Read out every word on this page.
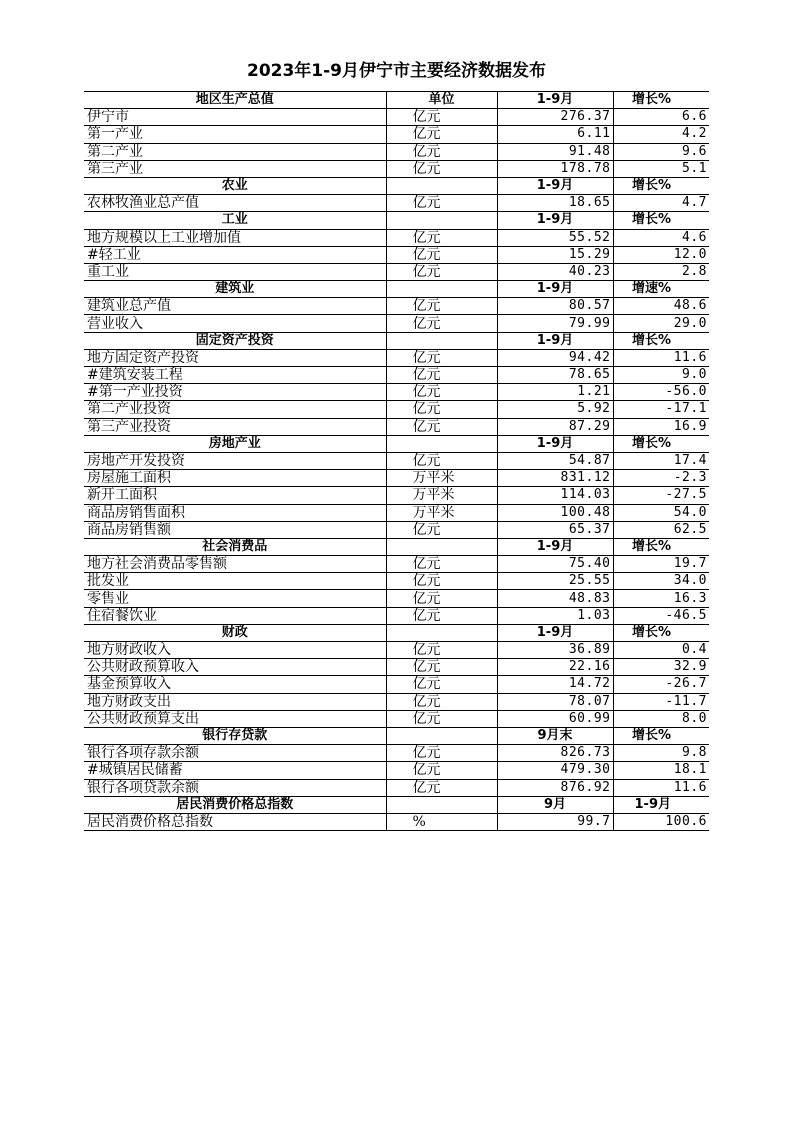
2023年1-9月伊宁市主要经济数据发布
地区生产总值	单位	1-9月	增长%
伊宁市	亿元	276.37	6.6
第一产业	亿元	6.11	4.2
第二产业	亿元	91.48	9.6
第三产业	亿元	178.78	5.1
农业		1-9月	增长%
农林牧渔业总产值	亿元	18.65	4.7
工业		1-9月	增长%
地方规模以上工业增加值	亿元	55.52	4.6
#轻工业	亿元	15.29	12.0
重工业	亿元	40.23	2.8
建筑业		1-9月	增速%
建筑业总产值	亿元	80.57	48.6
营业收入	亿元	79.99	29.0
固定资产投资		1-9月	增长%
地方固定资产投资	亿元	94.42	11.6
#建筑安装工程	亿元	78.65	9.0
#第一产业投资	亿元	1.21	-56.0
第二产业投资	亿元	5.92	-17.1
第三产业投资	亿元	87.29	16.9
房地产业		1-9月	增长%
房地产开发投资	亿元	54.87	17.4
房屋施工面积	万平米	831.12	-2.3
新开工面积	万平米	114.03	-27.5
商品房销售面积	万平米	100.48	54.0
商品房销售额	亿元	65.37	62.5
社会消费品		1-9月	增长%
地方社会消费品零售额	亿元	75.40	19.7
批发业	亿元	25.55	34.0
零售业	亿元	48.83	16.3
住宿餐饮业	亿元	1.03	-46.5
财政		1-9月	增长%
地方财政收入	亿元	36.89	0.4
公共财政预算收入	亿元	22.16	32.9
基金预算收入	亿元	14.72	-26.7
地方财政支出	亿元	78.07	-11.7
公共财政预算支出	亿元	60.99	8.0
银行存贷款		9月末	增长%
银行各项存款余额	亿元	826.73	9.8
#城镇居民储蓄	亿元	479.30	18.1
银行各项贷款余额	亿元	876.92	11.6
居民消费价格总指数		9月	1-9月
居民消费价格总指数	%	99.7	100.6
